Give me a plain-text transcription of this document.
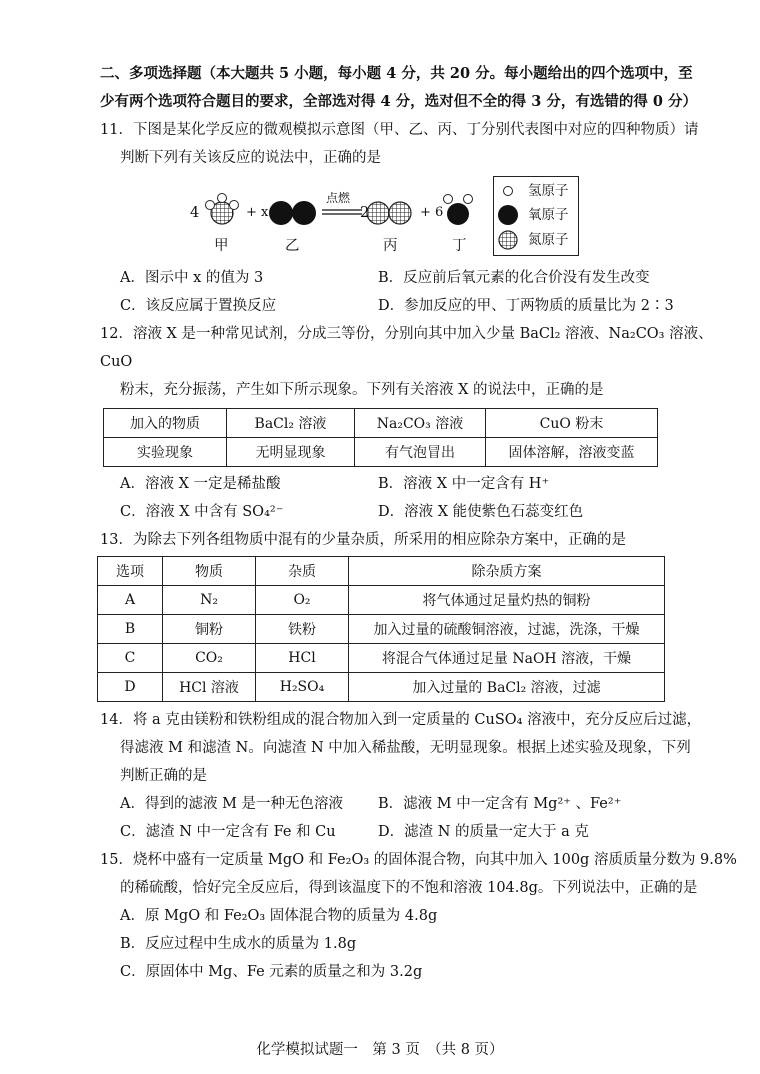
二、多项选择题（本大题共 5 小题，每小题 4 分，共 20 分。每小题给出的四个选项中，至
少有两个选项符合题目的要求，全部选对得 4 分，选对但不全的得 3 分，有选错的得 0 分）
11．下图是某化学反应的微观模拟示意图（甲、乙、丙、丁分别代表图中对应的四种物质）请
判断下列有关该反应的说法中，正确的是
4	+ x
点燃
2	+ 6
甲	乙	丙	丁
氢原子
氧原子
氮原子
A．图示中 x 的值为 3	B．反应前后氧元素的化合价没有发生改变
C．该反应属于置换反应	D．参加反应的甲、丁两物质的质量比为 2∶3
12．溶液 X 是一种常见试剂，分成三等份，分别向其中加入少量 BaCl₂ 溶液、Na₂CO₃ 溶液、
CuO
粉末，充分振荡，产生如下所示现象。下列有关溶液 X 的说法中，正确的是
加入的物质	BaCl₂ 溶液	Na₂CO₃ 溶液	CuO 粉末
实验现象	无明显现象	有气泡冒出	固体溶解，溶液变蓝
A．溶液 X 一定是稀盐酸	B．溶液 X 中一定含有 H⁺
C．溶液 X 中含有 SO₄²⁻	D．溶液 X 能使紫色石蕊变红色
13．为除去下列各组物质中混有的少量杂质，所采用的相应除杂方案中，正确的是
选项	物质	杂质	除杂质方案
A	N₂	O₂	将气体通过足量灼热的铜粉
B	铜粉	铁粉	加入过量的硫酸铜溶液，过滤，洗涤，干燥
C	CO₂	HCl	将混合气体通过足量 NaOH 溶液，干燥
D	HCl 溶液	H₂SO₄	加入过量的 BaCl₂ 溶液，过滤
14．将 a 克由镁粉和铁粉组成的混合物加入到一定质量的 CuSO₄ 溶液中，充分反应后过滤，
得滤液 M 和滤渣 N。向滤渣 N 中加入稀盐酸，无明显现象。根据上述实验及现象，下列
判断正确的是
A．得到的滤液 M 是一种无色溶液 B．滤液 M 中一定含有 Mg²⁺ 、Fe²⁺
C．滤渣 N 中一定含有 Fe 和 Cu	D．滤渣 N 的质量一定大于 a 克
15．烧杯中盛有一定质量 MgO 和 Fe₂O₃ 的固体混合物，向其中加入 100g 溶质质量分数为 9.8%
的稀硫酸，恰好完全反应后，得到该温度下的不饱和溶液 104.8g。下列说法中，正确的是
A．原 MgO 和 Fe₂O₃ 固体混合物的质量为 4.8g
B．反应过程中生成水的质量为 1.8g
C．原固体中 Mg、Fe 元素的质量之和为 3.2g
化学模拟试题一　第 3 页　（共 8 页）
